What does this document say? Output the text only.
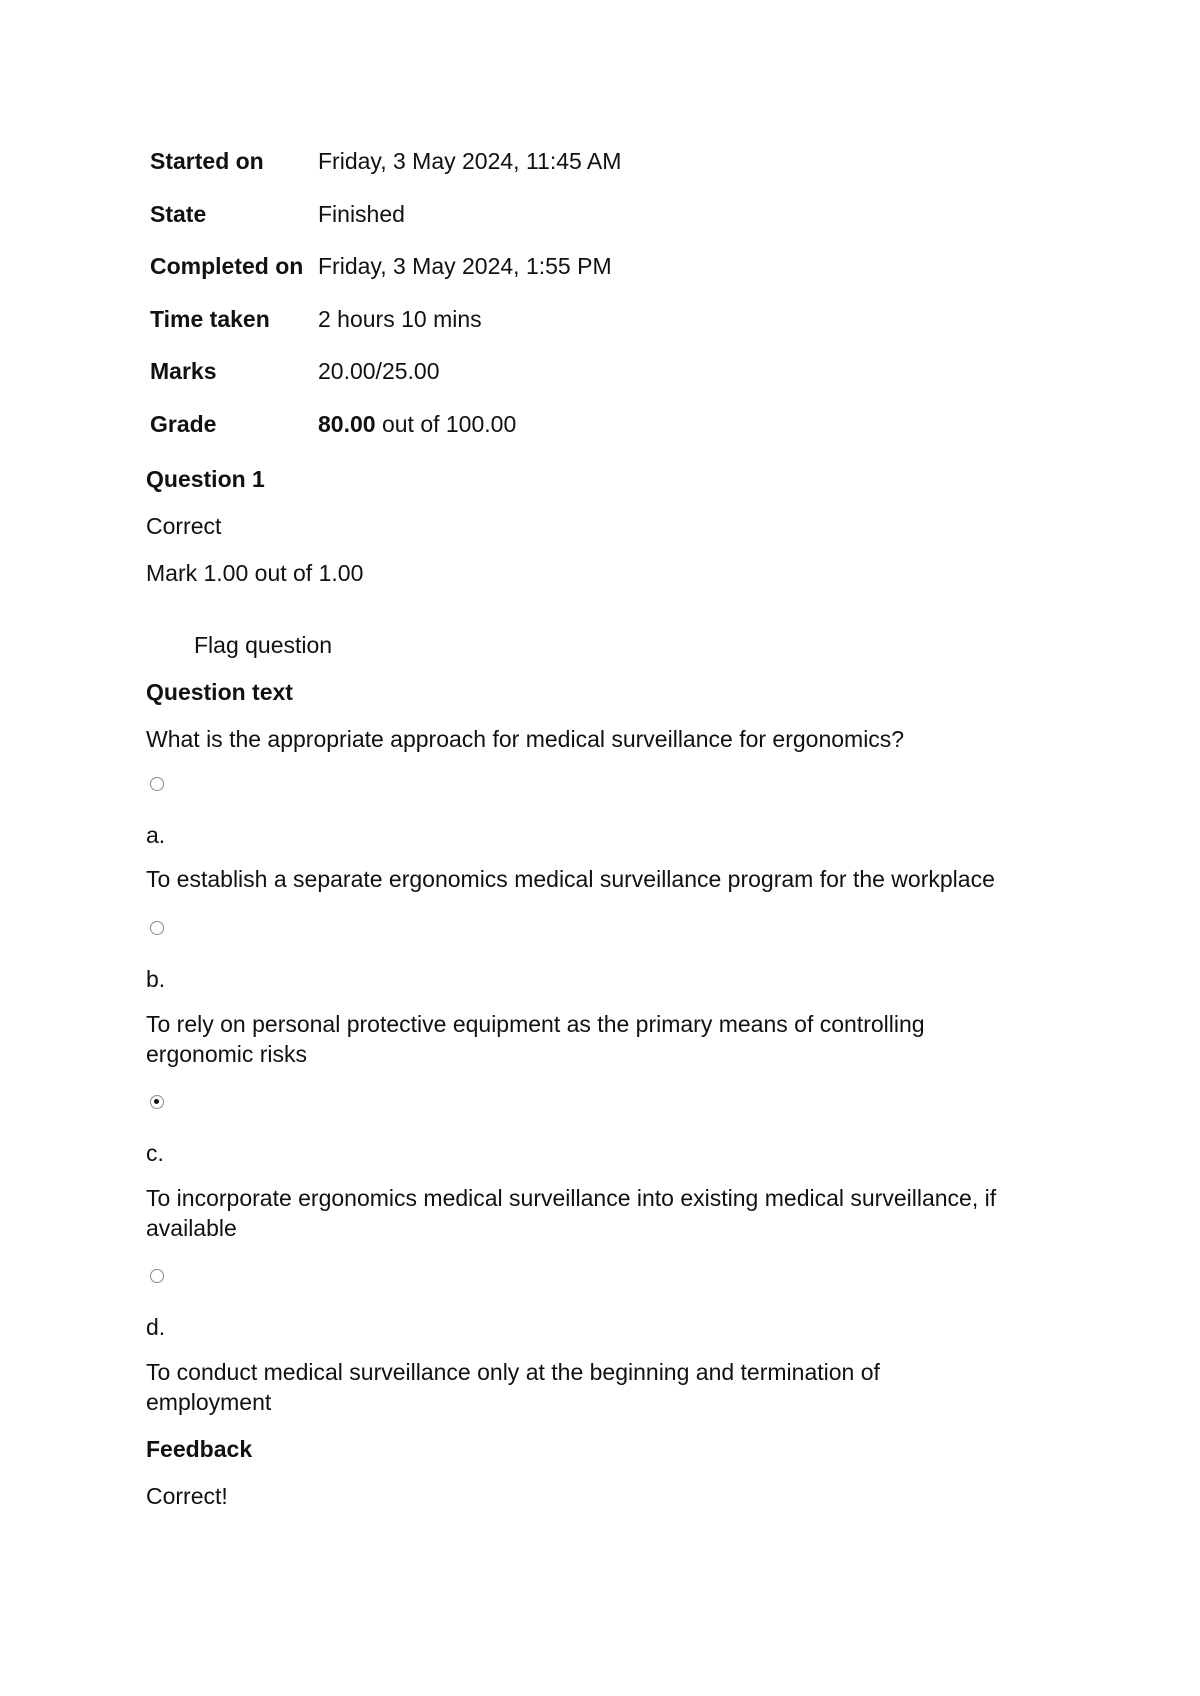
Started on	Friday, 3 May 2024, 11:45 AM
State	Finished
Completed on Friday, 3 May 2024, 1:55 PM
Time taken	2 hours 10 mins
Marks	20.00/25.00
Grade	80.00 out of 100.00
Question 1
Correct
Mark 1.00 out of 1.00
Flag question
Question text
What is the appropriate approach for medical surveillance for ergonomics?
a.
To establish a separate ergonomics medical surveillance program for the workplace
b.
To rely on personal protective equipment as the primary means of controlling ergonomic risks
c.
To incorporate ergonomics medical surveillance into existing medical surveillance, if available
d.
To conduct medical surveillance only at the beginning and termination of employment
Feedback
Correct!
